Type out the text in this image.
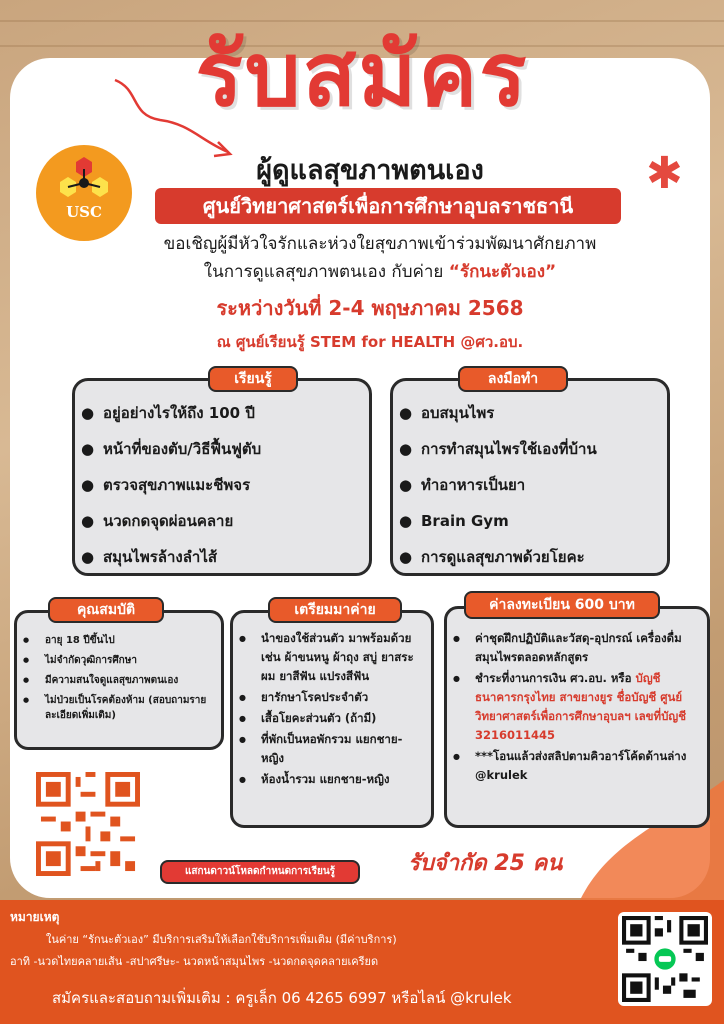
รับสมัคร
USC
ผู้ดูแลสุขภาพตนเอง	✱
ศูนย์วิทยาศาสตร์เพื่อการศึกษาอุบลราชธานี
ขอเชิญผู้มีหัวใจรักและห่วงใยสุขภาพเข้าร่วมพัฒนาศักยภาพ
ในการดูแลสุขภาพตนเอง กับค่าย “รักนะตัวเอง”
ระหว่างวันที่ 2-4 พฤษภาคม 2568
ณ ศูนย์เรียนรู้ STEM for HEALTH @ศว.อบ.
● อยู่อย่างไรให้ถึง 100 ปี
● หน้าที่ของตับ/วิธีฟื้นฟูตับ
● ตรวจสุขภาพแมะชีพจร
● นวดกดจุดผ่อนคลาย
● สมุนไพรล้างลำไส้
เรียนรู้
● อบสมุนไพร
● การทำสมุนไพรใช้เองที่บ้าน
● ทำอาหารเป็นยา
● Brain Gym
● การดูแลสุขภาพด้วยโยคะ
ลงมือทำ
● อายุ 18 ปีขึ้นไป
● ไม่จำกัดวุฒิการศึกษา
● มีความสนใจดูแลสุขภาพตนเอง
● ไม่ป่วยเป็นโรคต้องห้าม (สอบถามรายละเอียดเพิ่มเติม)
คุณสมบัติ
● นำของใช้ส่วนตัว มาพร้อมด้วย เช่น ผ้าขนหนู ผ้าถุง สบู่ ยาสระผม ยาสีฟัน แปรงสีฟัน
● ยารักษาโรคประจำตัว
● เสื้อโยคะส่วนตัว (ถ้ามี)
● ที่พักเป็นหอพักรวม แยกชาย-หญิง
● ห้องน้ำรวม แยกชาย-หญิง
เตรียมมาค่าย
● ค่าชุดฝึกปฏิบัติและวัสดุ-อุปกรณ์ เครื่องดื่มสมุนไพรตลอดหลักสูตร
● ชำระที่งานการเงิน ศว.อบ. หรือ บัญชี ธนาคารกรุงไทย สาขยางยูร ชื่อบัญชี ศูนย์วิทยาศาสตร์เพื่อการศึกษาอุบลฯ เลขที่บัญชี 3216011445
● ***โอนแล้วส่งสลิปตามคิวอาร์โค้ดด้านล่าง @krulek
ค่าลงทะเบียน 600 บาท
แสกนดาวน์โหลดกำหนดการเรียนรู้	รับจำกัด 25 คน
หมายเหตุ
ในค่าย “รักนะตัวเอง” มีบริการเสริมให้เลือกใช้บริการเพิ่มเติม (มีค่าบริการ)
อาทิ -นวดไทยคลายเส้น -สปาศรีษะ- นวดหน้าสมุนไพร -นวดกดจุดคลายเครียด
สมัครและสอบถามเพิ่มเติม : ครูเล็ก 06 4265 6997 หรือไลน์ @krulek
